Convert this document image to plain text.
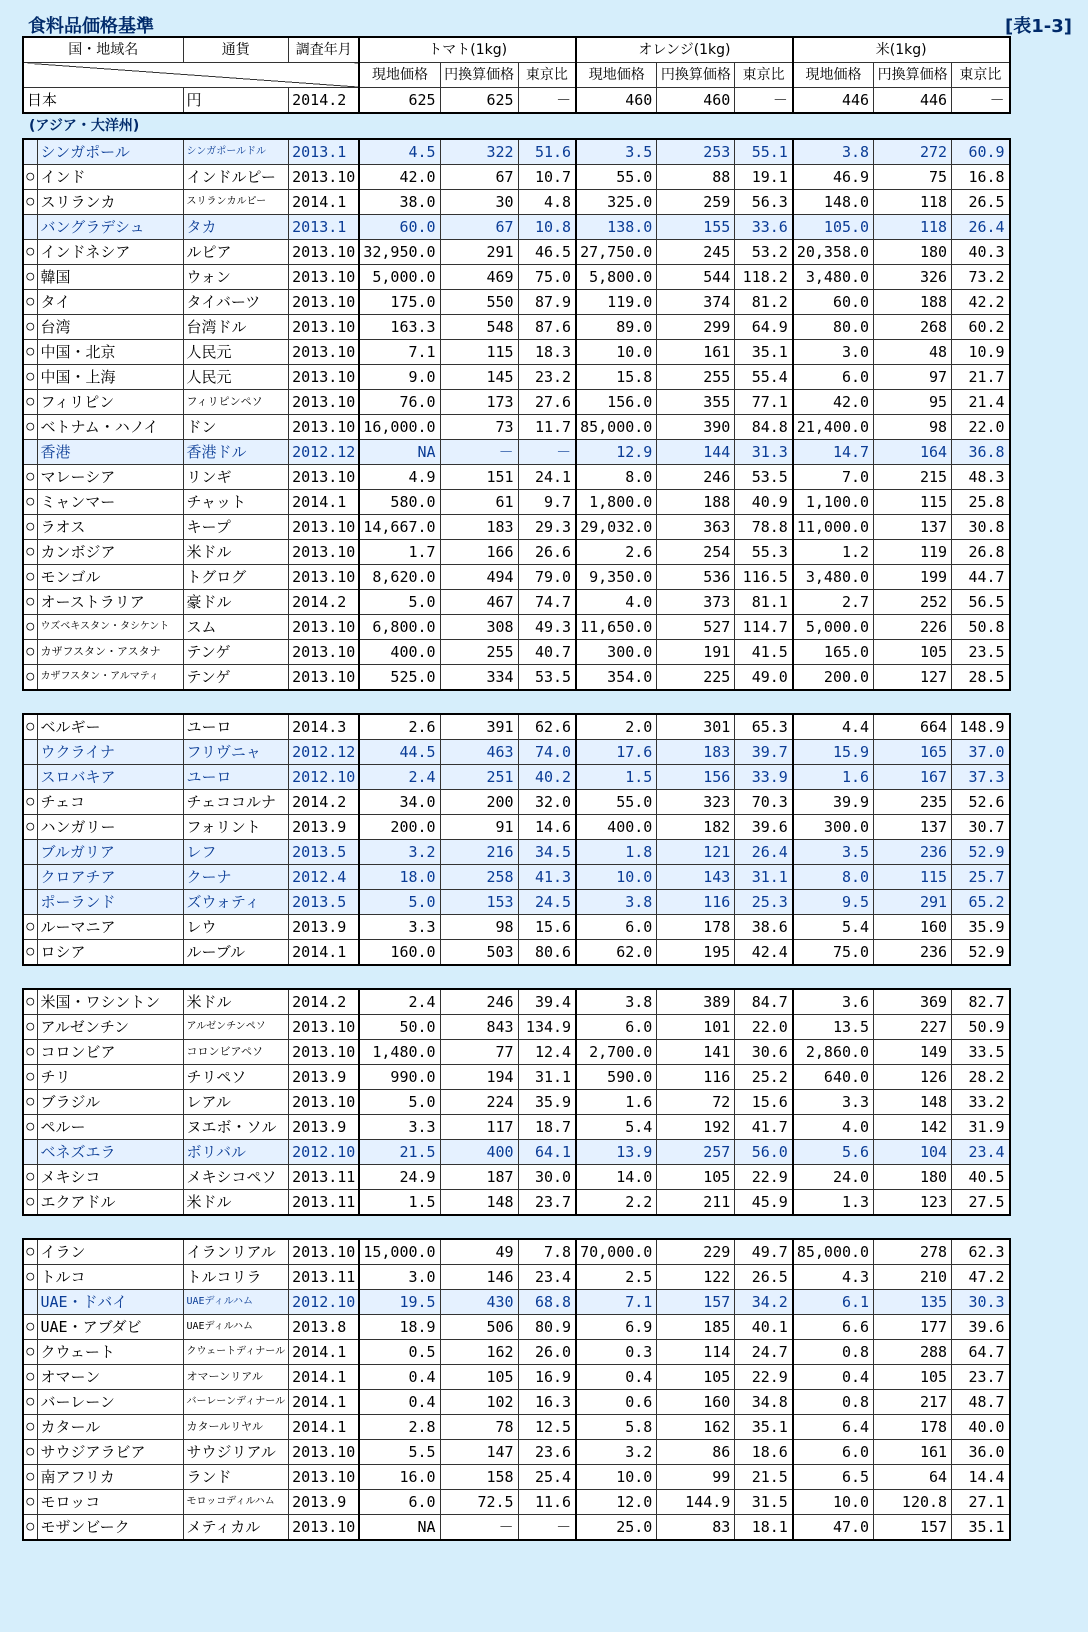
食料品価格基準	[表1-3]
国・地域名		通貨	調査年月	トマト(1kg)			オレンジ(1kg)			米(1kg)		
				現地価格	円換算価格	東京比	現地価格	円換算価格	東京比	現地価格	円換算価格	東京比
日本		円	2014.2	625	625	－	460	460	－	446	446	－
(アジア・大洋州)												
	シンガポール	シンガポールドル	2013.1	4.5	322	51.6	3.5	253	55.1	3.8	272	60.9
○	インド	インドルピー	2013.10	42.0	67	10.7	55.0	88	19.1	46.9	75	16.8
○	スリランカ	スリランカルピー	2014.1	38.0	30	4.8	325.0	259	56.3	148.0	118	26.5
	バングラデシュ	タカ	2013.1	60.0	67	10.8	138.0	155	33.6	105.0	118	26.4
○	インドネシア	ルピア	2013.10	32,950.0	291	46.5	27,750.0	245	53.2	20,358.0	180	40.3
○	韓国	ウォン	2013.10	5,000.0	469	75.0	5,800.0	544	118.2	3,480.0	326	73.2
○	タイ	タイバーツ	2013.10	175.0	550	87.9	119.0	374	81.2	60.0	188	42.2
○	台湾	台湾ドル	2013.10	163.3	548	87.6	89.0	299	64.9	80.0	268	60.2
○	中国・北京	人民元	2013.10	7.1	115	18.3	10.0	161	35.1	3.0	48	10.9
○	中国・上海	人民元	2013.10	9.0	145	23.2	15.8	255	55.4	6.0	97	21.7
○	フィリピン	フィリピンペソ	2013.10	76.0	173	27.6	156.0	355	77.1	42.0	95	21.4
○	ベトナム・ハノイ	ドン	2013.10	16,000.0	73	11.7	85,000.0	390	84.8	21,400.0	98	22.0
	香港	香港ドル	2012.12	NA	－	－	12.9	144	31.3	14.7	164	36.8
○	マレーシア	リンギ	2013.10	4.9	151	24.1	8.0	246	53.5	7.0	215	48.3
○	ミャンマー	チャット	2014.1	580.0	61	9.7	1,800.0	188	40.9	1,100.0	115	25.8
○	ラオス	キープ	2013.10	14,667.0	183	29.3	29,032.0	363	78.8	11,000.0	137	30.8
○	カンボジア	米ドル	2013.10	1.7	166	26.6	2.6	254	55.3	1.2	119	26.8
○	モンゴル	トグログ	2013.10	8,620.0	494	79.0	9,350.0	536	116.5	3,480.0	199	44.7
○	オーストラリア	豪ドル	2014.2	5.0	467	74.7	4.0	373	81.1	2.7	252	56.5
○	ウズベキスタン・タシケント	スム	2013.10	6,800.0	308	49.3	11,650.0	527	114.7	5,000.0	226	50.8
○	カザフスタン・アスタナ	テンゲ	2013.10	400.0	255	40.7	300.0	191	41.5	165.0	105	23.5
○	カザフスタン・アルマティ	テンゲ	2013.10	525.0	334	53.5	354.0	225	49.0	200.0	127	28.5

○	ベルギー	ユーロ	2014.3	2.6	391	62.6	2.0	301	65.3	4.4	664	148.9
	ウクライナ	フリヴニャ	2012.12	44.5	463	74.0	17.6	183	39.7	15.9	165	37.0
	スロバキア	ユーロ	2012.10	2.4	251	40.2	1.5	156	33.9	1.6	167	37.3
○	チェコ	チェココルナ	2014.2	34.0	200	32.0	55.0	323	70.3	39.9	235	52.6
○	ハンガリー	フォリント	2013.9	200.0	91	14.6	400.0	182	39.6	300.0	137	30.7
	ブルガリア	レフ	2013.5	3.2	216	34.5	1.8	121	26.4	3.5	236	52.9
	クロアチア	クーナ	2012.4	18.0	258	41.3	10.0	143	31.1	8.0	115	25.7
	ポーランド	ズウォティ	2013.5	5.0	153	24.5	3.8	116	25.3	9.5	291	65.2
○	ルーマニア	レウ	2013.9	3.3	98	15.6	6.0	178	38.6	5.4	160	35.9
○	ロシア	ルーブル	2014.1	160.0	503	80.6	62.0	195	42.4	75.0	236	52.9

○	米国・ワシントン	米ドル	2014.2	2.4	246	39.4	3.8	389	84.7	3.6	369	82.7
○	アルゼンチン	アルゼンチンペソ	2013.10	50.0	843	134.9	6.0	101	22.0	13.5	227	50.9
○	コロンビア	コロンビアペソ	2013.10	1,480.0	77	12.4	2,700.0	141	30.6	2,860.0	149	33.5
○	チリ	チリペソ	2013.9	990.0	194	31.1	590.0	116	25.2	640.0	126	28.2
○	ブラジル	レアル	2013.10	5.0	224	35.9	1.6	72	15.6	3.3	148	33.2
○	ペルー	ヌエボ・ソル	2013.9	3.3	117	18.7	5.4	192	41.7	4.0	142	31.9
	ベネズエラ	ボリバル	2012.10	21.5	400	64.1	13.9	257	56.0	5.6	104	23.4
○	メキシコ	メキシコペソ	2013.11	24.9	187	30.0	14.0	105	22.9	24.0	180	40.5
○	エクアドル	米ドル	2013.11	1.5	148	23.7	2.2	211	45.9	1.3	123	27.5

○	イラン	イランリアル	2013.10	15,000.0	49	7.8	70,000.0	229	49.7	85,000.0	278	62.3
○	トルコ	トルコリラ	2013.11	3.0	146	23.4	2.5	122	26.5	4.3	210	47.2
	UAE・ドバイ	UAEディルハム	2012.10	19.5	430	68.8	7.1	157	34.2	6.1	135	30.3
○	UAE・アブダビ	UAEディルハム	2013.8	18.9	506	80.9	6.9	185	40.1	6.6	177	39.6
○	クウェート	クウェートディナール	2014.1	0.5	162	26.0	0.3	114	24.7	0.8	288	64.7
○	オマーン	オマーンリアル	2014.1	0.4	105	16.9	0.4	105	22.9	0.4	105	23.7
○	バーレーン	バーレーンディナール	2014.1	0.4	102	16.3	0.6	160	34.8	0.8	217	48.7
○	カタール	カタールリヤル	2014.1	2.8	78	12.5	5.8	162	35.1	6.4	178	40.0
○	サウジアラビア	サウジリアル	2013.10	5.5	147	23.6	3.2	86	18.6	6.0	161	36.0
○	南アフリカ	ランド	2013.10	16.0	158	25.4	10.0	99	21.5	6.5	64	14.4
○	モロッコ	モロッコディルハム	2013.9	6.0	72.5	11.6	12.0	144.9	31.5	10.0	120.8	27.1
○	モザンビーク	メティカル	2013.10	NA	－	－	25.0	83	18.1	47.0	157	35.1
